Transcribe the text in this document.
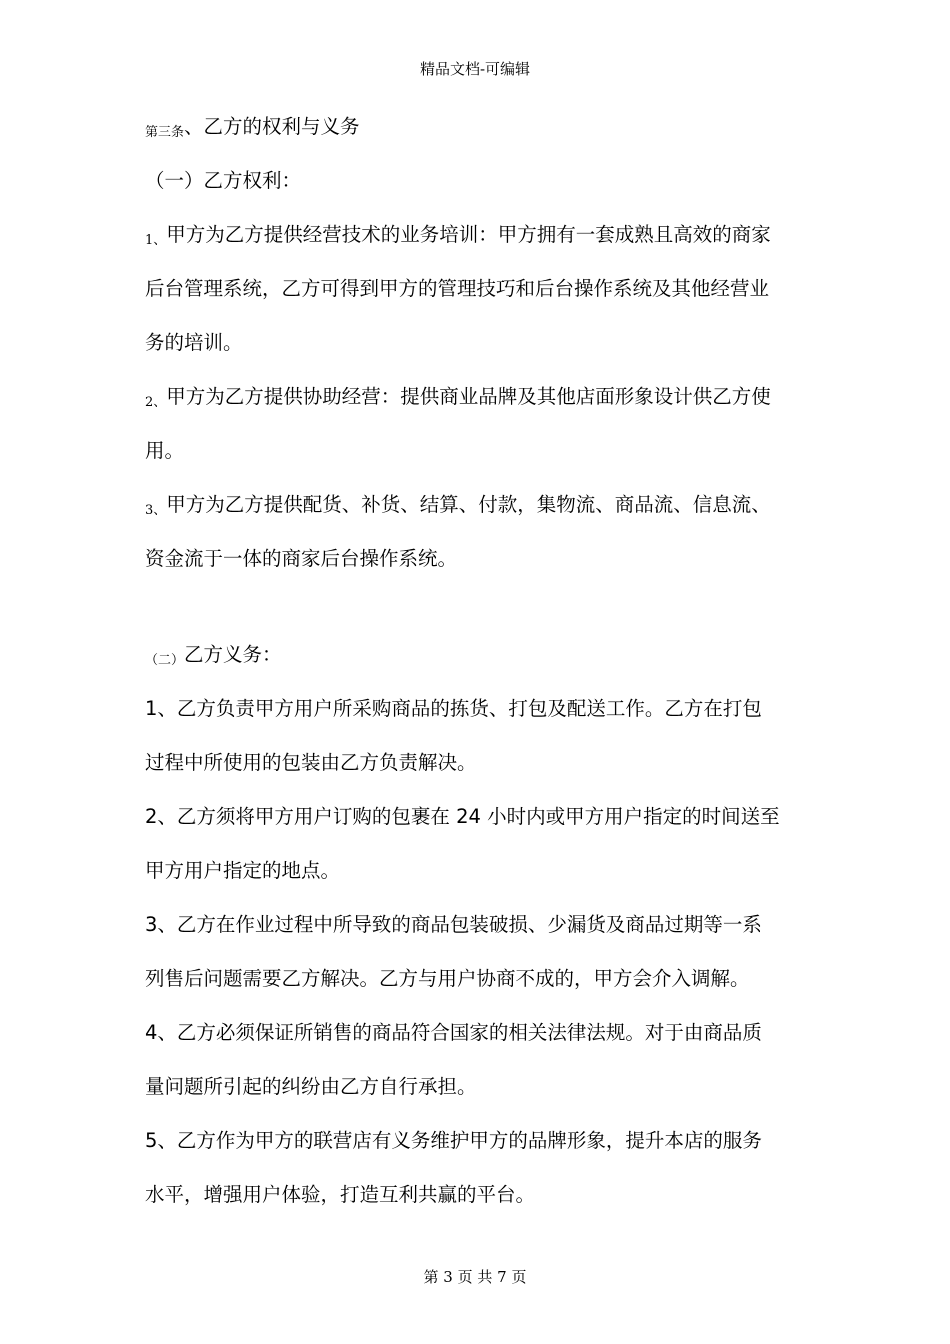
精品文档-可编辑
第三条、乙方的权利与义务
（一）乙方权利：
1、甲方为乙方提供经营技术的业务培训：甲方拥有一套成熟且高效的商家
后台管理系统，乙方可得到甲方的管理技巧和后台操作系统及其他经营业
务的培训。
2、甲方为乙方提供协助经营：提供商业品牌及其他店面形象设计供乙方使
用。
3、甲方为乙方提供配货、补货、结算、付款，集物流、商品流、信息流、
资金流于一体的商家后台操作系统。
（二）乙方义务：
1、乙方负责甲方用户所采购商品的拣货、打包及配送工作。乙方在打包
过程中所使用的包装由乙方负责解决。
2、乙方须将甲方用户订购的包裹在 24 小时内或甲方用户指定的时间送至
甲方用户指定的地点。
3、乙方在作业过程中所导致的商品包装破损、少漏货及商品过期等一系
列售后问题需要乙方解决。乙方与用户协商不成的，甲方会介入调解。
4、乙方必须保证所销售的商品符合国家的相关法律法规。对于由商品质
量问题所引起的纠纷由乙方自行承担。
5、乙方作为甲方的联营店有义务维护甲方的品牌形象，提升本店的服务
水平，增强用户体验，打造互利共赢的平台。
第 3 页 共 7 页
